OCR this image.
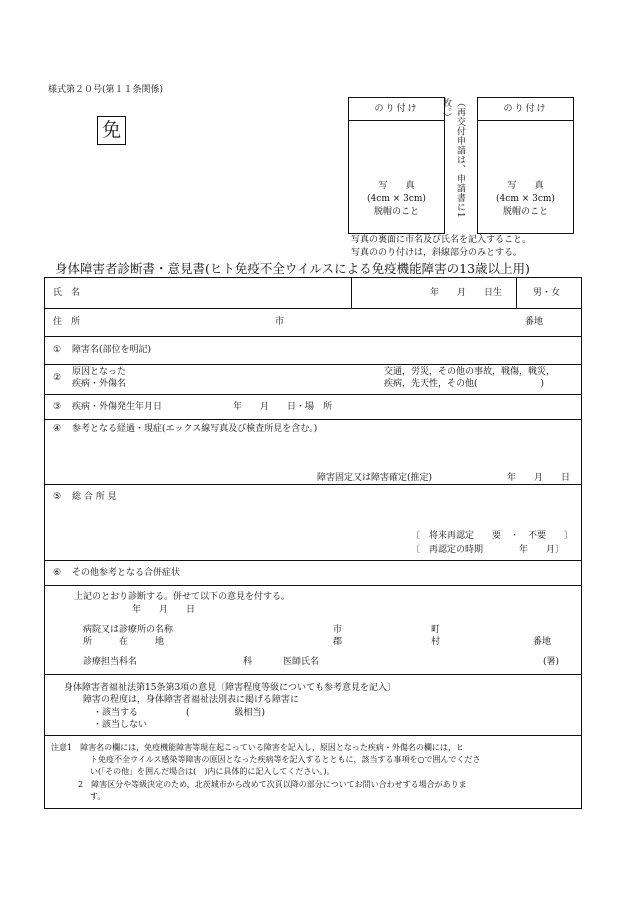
様式第２０号(第１１条関係)
免
のり付け
写　　真
(4cm × 3cm)
脱帽のこと	（再交付申請は、申請書に1枚。）	のり付け
写　　真
(4cm × 3cm)
脱帽のこと
写真の裏面に市名及び氏名を記入すること。
写真ののり付けは，斜線部分のみとする。
身体障害者診断書・意見書(ヒト免疫不全ウイルスによる免疫機能障害の13歳以上用)
氏　名	年　　月　　日生	男・女
住　所	市	番地
① 障害名(部位を明記)
②
原因となった
疾病・外傷名
交通，労災，その他の事故，戦傷，戦災，
疾病，先天性，その他(　　　　　　　)
③ 疾病・外傷発生年月日	年　　月　　日・場　所
④ 参考となる経過・現症(エックス線写真及び検査所見を含む。)
障害固定又は障害確定(推定)	年　　月　　日
⑤ 総 合 所 見
〔　将来再認定　　要　・　不要　　〕
〔　再認定の時期　　　　年　　月〕
⑥ その他参考となる合併症状
上記のとおり診断する。併せて以下の意見を付する。
年　　月　　日
病院又は診療所の名称	市	町
所　　　在　　　地	郡	村	番地
診療担当科名	科	医師氏名	(署)
身体障害者福祉法第15条第3項の意見〔障害程度等級についても参考意見を記入〕
障害の程度は，身体障害者福祉法別表に掲げる障害に
・該当する	(　　　　　級相当)
・該当しない
注意1　障害名の欄には，免疫機能障害等現在起こっている障害を記入し，原因となった疾病・外傷名の欄には，ヒ
ト免疫不全ウイルス感染等障害の原因となった疾病等を記入するとともに，該当する事項を○で囲んでくださ
い(「その他」を囲んだ場合は(　)内に具体的に記入してください。)。
2　障害区分や等級決定のため，北茨城市から改めて次頁以降の部分についてお問い合わせする場合がありま
す。
